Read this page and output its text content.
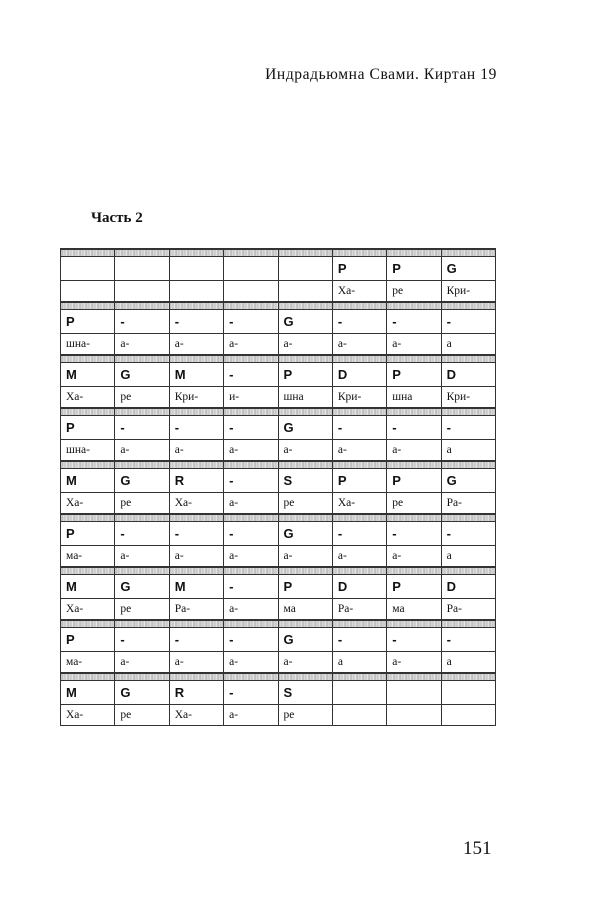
Индрадьюмна Свами. Киртан 19
Часть 2

					P	P	G
					Ха-	ре	Кри-

P	-	-	-	G	-	-	-
шна-	а-	а-	а-	а-	а-	а-	а

M	G	M	-	P	D	P	D
Ха-	ре	Кри-	и-	шна	Кри-	шна	Кри-

P	-	-	-	G	-	-	-
шна-	а-	а-	а-	а-	а-	а-	а

M	G	R	-	S	P	P	G
Ха-	ре	Ха-	а-	ре	Ха-	ре	Ра-

P	-	-	-	G	-	-	-
ма-	а-	а-	а-	а-	а-	а-	а

M	G	M	-	P	D	P	D
Ха-	ре	Ра-	а-	ма	Ра-	ма	Ра-

P	-	-	-	G	-	-	-
ма-	а-	а-	а-	а-	а	а-	а

M	G	R	-	S			
Ха-	ре	Ха-	а-	ре			
151
